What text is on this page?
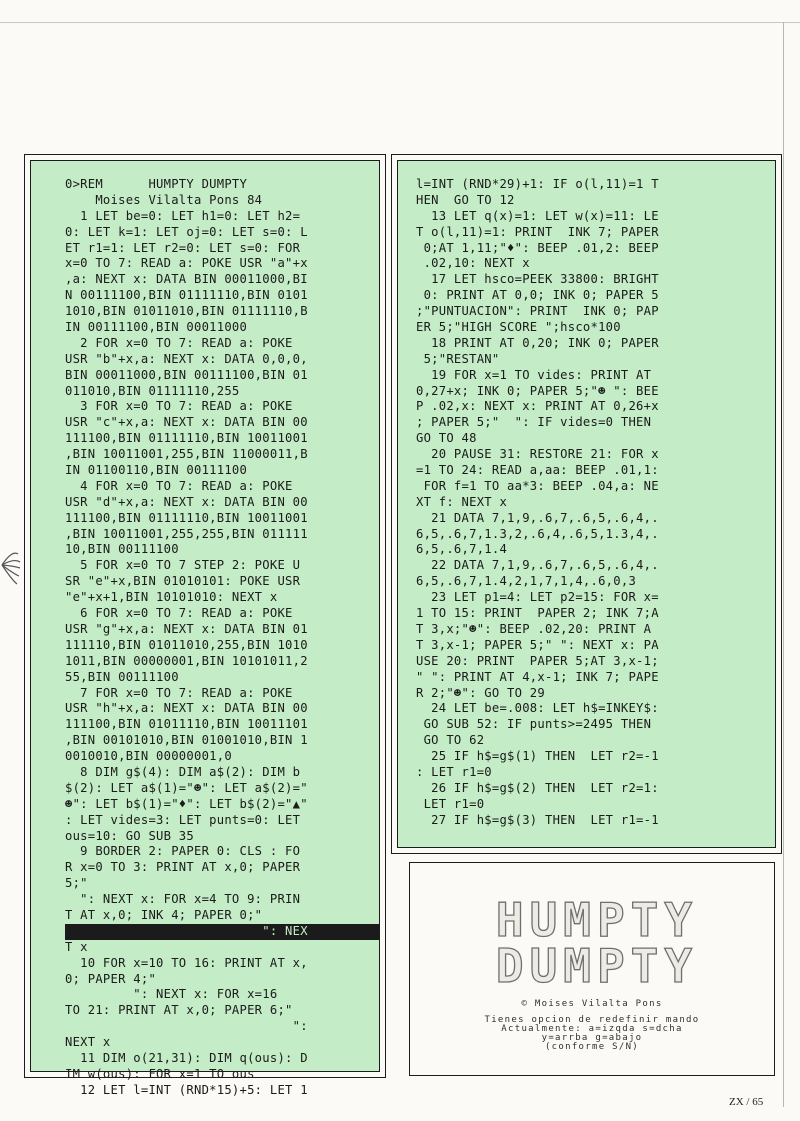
0>REM      HUMPTY DUMPTY
Moises Vilalta Pons 84
1 LET be=0: LET h1=0: LET h2=
0: LET k=1: LET oj=0: LET s=0: L
ET r1=1: LET r2=0: LET s=0: FOR
x=0 TO 7: READ a: POKE USR "a"+x
,a: NEXT x: DATA BIN 00011000,BI
N 00111100,BIN 01111110,BIN 0101
1010,BIN 01011010,BIN 01111110,B
IN 00111100,BIN 00011000
2 FOR x=0 TO 7: READ a: POKE
USR "b"+x,a: NEXT x: DATA 0,0,0,
BIN 00011000,BIN 00111100,BIN 01
011010,BIN 01111110,255
3 FOR x=0 TO 7: READ a: POKE
USR "c"+x,a: NEXT x: DATA BIN 00
111100,BIN 01111110,BIN 10011001
,BIN 10011001,255,BIN 11000011,B
IN 01100110,BIN 00111100
4 FOR x=0 TO 7: READ a: POKE
USR "d"+x,a: NEXT x: DATA BIN 00
111100,BIN 01111110,BIN 10011001
,BIN 10011001,255,255,BIN 011111
10,BIN 00111100
5 FOR x=0 TO 7 STEP 2: POKE U
SR "e"+x,BIN 01010101: POKE USR
"e"+x+1,BIN 10101010: NEXT x
6 FOR x=0 TO 7: READ a: POKE
USR "g"+x,a: NEXT x: DATA BIN 01
111110,BIN 01011010,255,BIN 1010
1011,BIN 00000001,BIN 10101011,2
55,BIN 00111100
7 FOR x=0 TO 7: READ a: POKE
USR "h"+x,a: NEXT x: DATA BIN 00
111100,BIN 01011110,BIN 10011101
,BIN 00101010,BIN 01001010,BIN 1
0010010,BIN 00000001,0
8 DIM g$(4): DIM a$(2): DIM b
$(2): LET a$(1)="☻": LET a$(2)="
☻": LET b$(1)="♦": LET b$(2)="▲"
: LET vides=3: LET punts=0: LET
ous=10: GO SUB 35
9 BORDER 2: PAPER 0: CLS : FO
R x=0 TO 3: PRINT AT x,0; PAPER
5;"
": NEXT x: FOR x=4 TO 9: PRIN
T AT x,0; INK 4; PAPER 0;"
": NEX
T x
10 FOR x=10 TO 16: PRINT AT x,
0; PAPER 4;"
": NEXT x: FOR x=16
TO 21: PRINT AT x,0; PAPER 6;"
":
NEXT x
11 DIM o(21,31): DIM q(ous): D
IM w(ous): FOR x=1 TO ous
12 LET l=INT (RND*15)+5: LET 1
l=INT (RND*29)+1: IF o(l,11)=1 T
HEN  GO TO 12
13 LET q(x)=1: LET w(x)=11: LE
T o(l,11)=1: PRINT  INK 7; PAPER
0;AT 1,11;"♦": BEEP .01,2: BEEP
.02,10: NEXT x
17 LET hsco=PEEK 33800: BRIGHT
0: PRINT AT 0,0; INK 0; PAPER 5
;"PUNTUACION": PRINT  INK 0; PAP
ER 5;"HIGH SCORE ";hsco*100
18 PRINT AT 0,20; INK 0; PAPER
5;"RESTAN"
19 FOR x=1 TO vides: PRINT AT
0,27+x; INK 0; PAPER 5;"☻ ": BEE
P .02,x: NEXT x: PRINT AT 0,26+x
; PAPER 5;"  ": IF vides=0 THEN
GO TO 48
20 PAUSE 31: RESTORE 21: FOR x
=1 TO 24: READ a,aa: BEEP .01,1:
FOR f=1 TO aa*3: BEEP .04,a: NE
XT f: NEXT x
21 DATA 7,1,9,.6,7,.6,5,.6,4,.
6,5,.6,7,1.3,2,.6,4,.6,5,1.3,4,.
6,5,.6,7,1.4
22 DATA 7,1,9,.6,7,.6,5,.6,4,.
6,5,.6,7,1.4,2,1,7,1,4,.6,0,3
23 LET p1=4: LET p2=15: FOR x=
1 TO 15: PRINT  PAPER 2; INK 7;A
T 3,x;"☻": BEEP .02,20: PRINT A
T 3,x-1; PAPER 5;" ": NEXT x: PA
USE 20: PRINT  PAPER 5;AT 3,x-1;
" ": PRINT AT 4,x-1; INK 7; PAPE
R 2;"☻": GO TO 29
24 LET be=.008: LET h$=INKEY$:
GO SUB 52: IF punts>=2495 THEN
GO TO 62
25 IF h$=g$(1) THEN  LET r2=-1
: LET r1=0
26 IF h$=g$(2) THEN  LET r2=1:
LET r1=0
27 IF h$=g$(3) THEN  LET r1=-1
HUMPTY
DUMPTY
© Moises Vilalta Pons
Tienes opcion de redefinir mando
Actualmente: a=izqda s=dcha
y=arrba g=abajo
(conforme S/N)
ZX / 65
